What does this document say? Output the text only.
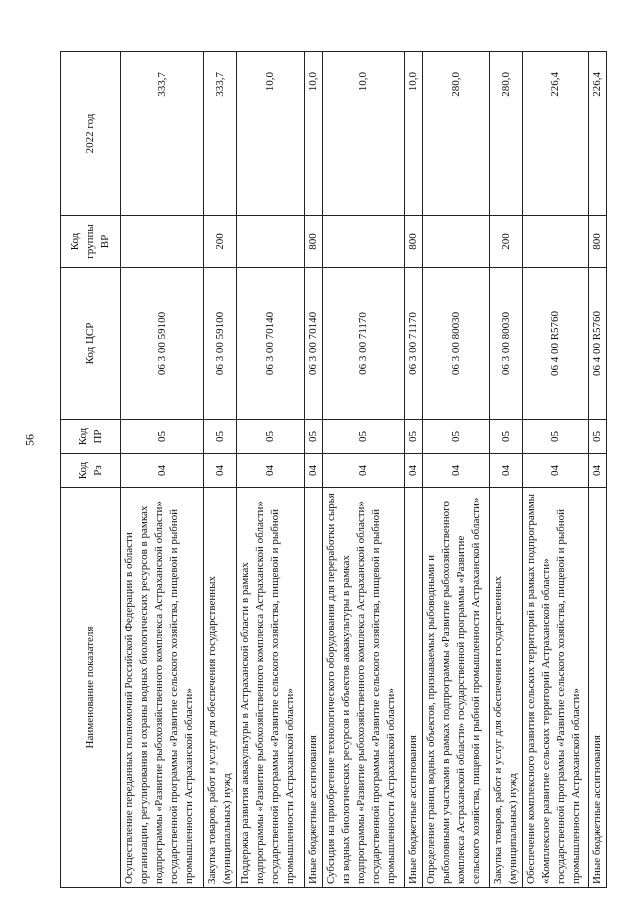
56
Наименование показателя	Код Рз	Код ПР	Код ЦСР	Код группы ВР	2022 год
Осуществление переданных полномочий Российской Федерации в области организации, регулирования и охраны водных биологических ресурсов в рамках подпрограммы «Развитие рыбохозяйственного комплекса Астраханской области» государственной программы «Развитие сельского хозяйства, пищевой и рыбной промышленности Астраханской области»	04	05	06 3 00 59100		333,7
Закупка товаров, работ и услуг для обеспечения государственных (муниципальных) нужд	04	05	06 3 00 59100	200	333,7
Поддержка развития аквакультуры в Астраханской области в рамках подпрограммы «Развитие рыбохозяйственного комплекса Астраханской области» государственной программы «Развитие сельского хозяйства, пищевой и рыбной промышленности Астраханской области»	04	05	06 3 00 70140		10,0
Иные бюджетные ассигнования	04	05	06 3 00 70140	800	10,0
Субсидия на приобретение технологического оборудования для переработки сырья из водных биологических ресурсов и объектов аквакультуры в рамках подпрограммы «Развитие рыбохозяйственного комплекса Астраханской области» государственной программы «Развитие сельского хозяйства, пищевой и рыбной промышленности Астраханской области»	04	05	06 3 00 71170		10,0
Иные бюджетные ассигнования	04	05	06 3 00 71170	800	10,0
Определение границ водных объектов, признаваемых рыбоводными и рыболовными участками в рамках подпрограммы «Развитие рыбохозяйственного комплекса Астраханской области» государственной программы «Развитие сельского хозяйства, пищевой и рыбной промышленности Астраханской области»	04	05	06 3 00 80030		280,0
Закупка товаров, работ и услуг для обеспечения государственных (муниципальных) нужд	04	05	06 3 00 80030	200	280,0
Обеспечение комплексного развития сельских территорий в рамках подпрограммы «Комплексное развитие сельских территорий Астраханской области» государственной программы «Развитие сельского хозяйства, пищевой и рыбной промышленности Астраханской области»	04	05	06 4 00 R5760		226,4
Иные бюджетные ассигнования	04	05	06 4 00 R5760	800	226,4
